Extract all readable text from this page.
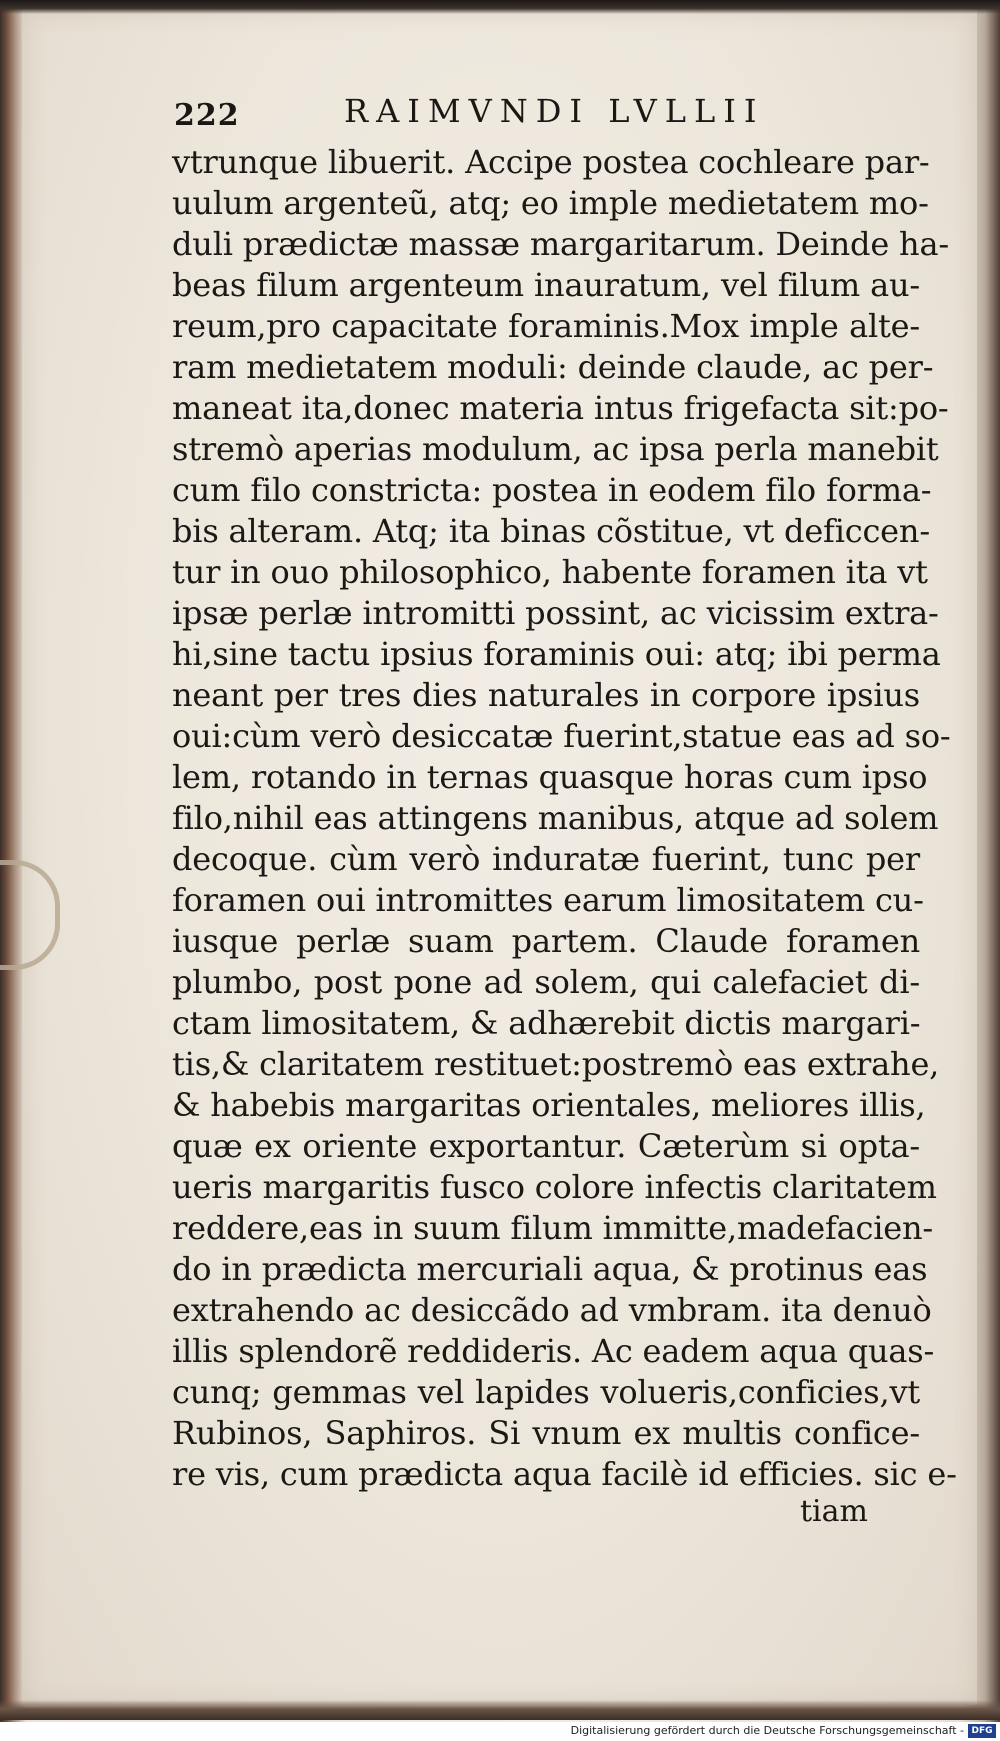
222	RAIMVNDI LVLLII
vtrunque libuerit. Accipe postea cochleare par-
uulum argenteũ, atq; eo imple medietatem mo-
duli prædictæ massæ margaritarum. Deinde ha-
beas filum argenteum inauratum, vel filum au-
reum,pro capacitate foraminis.Mox imple alte-
ram medietatem moduli: deinde claude, ac per-
maneat ita,donec materia intus frigefacta sit:po-
stremò aperias modulum, ac ipsa perla manebit
cum filo constricta: postea in eodem filo forma-
bis alteram. Atq; ita binas cõstitue, vt deficcen-
tur in ouo philosophico, habente foramen ita vt
ipsæ perlæ intromitti possint, ac vicissim extra-
hi,sine tactu ipsius foraminis oui: atq; ibi perma
neant per tres dies naturales in corpore ipsius
oui:cùm verò desiccatæ fuerint,statue eas ad so-
lem, rotando in ternas quasque horas cum ipso
filo,nihil eas attingens manibus, atque ad solem
decoque. cùm verò induratæ fuerint, tunc per
foramen oui intromittes earum limositatem cu-
iusque perlæ suam partem. Claude foramen
plumbo, post pone ad solem, qui calefaciet di-
ctam limositatem, & adhærebit dictis margari-
tis,& claritatem restituet:postremò eas extrahe,
& habebis margaritas orientales, meliores illis,
quæ ex oriente exportantur. Cæterùm si opta-
ueris margaritis fusco colore infectis claritatem
reddere,eas in suum filum immitte,madefacien-
do in prædicta mercuriali aqua, & protinus eas
extrahendo ac desiccãdo ad vmbram. ita denuò
illis splendorẽ reddideris. Ac eadem aqua quas-
cunq; gemmas vel lapides volueris,conficies,vt
Rubinos, Saphiros. Si vnum ex multis confice-
re vis, cum prædicta aqua facilè id efficies. sic e-
tiam
Digitalisierung gefördert durch die Deutsche Forschungsgemeinschaft - DFG
